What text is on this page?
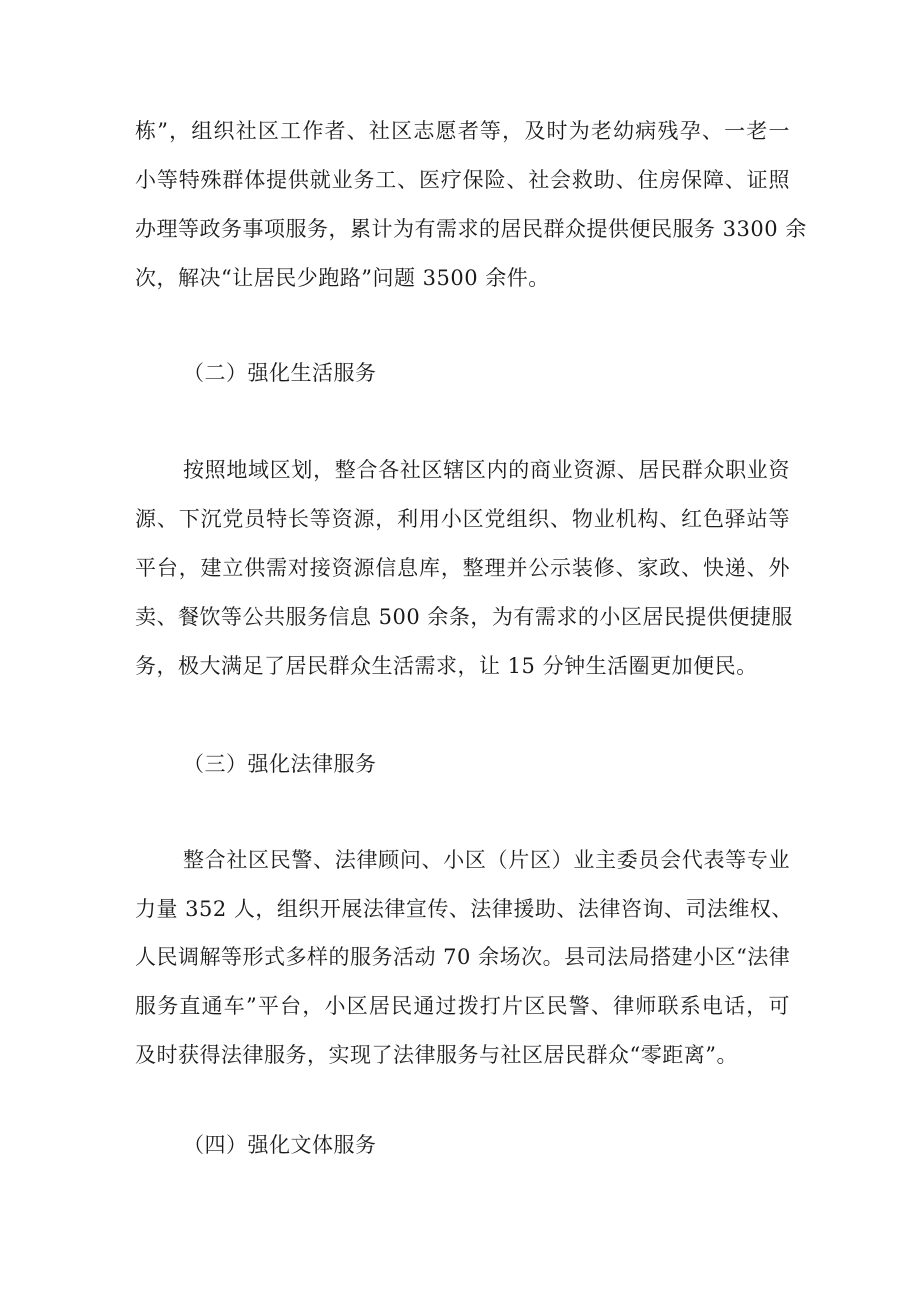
栋”，组织社区工作者、社区志愿者等，及时为老幼病残孕、一老一
小等特殊群体提供就业务工、医疗保险、社会救助、住房保障、证照
办理等政务事项服务，累计为有需求的居民群众提供便民服务 3300 余
次，解决“让居民少跑路”问题 3500 余件。
（二）强化生活服务
按照地域区划，整合各社区辖区内的商业资源、居民群众职业资
源、下沉党员特长等资源，利用小区党组织、物业机构、红色驿站等
平台，建立供需对接资源信息库，整理并公示装修、家政、快递、外
卖、餐饮等公共服务信息 500 余条，为有需求的小区居民提供便捷服
务，极大满足了居民群众生活需求，让 15 分钟生活圈更加便民。
（三）强化法律服务
整合社区民警、法律顾问、小区（片区）业主委员会代表等专业
力量 352 人，组织开展法律宣传、法律援助、法律咨询、司法维权、
人民调解等形式多样的服务活动 70 余场次。县司法局搭建小区“法律
服务直通车”平台，小区居民通过拨打片区民警、律师联系电话，可
及时获得法律服务，实现了法律服务与社区居民群众“零距离”。
（四）强化文体服务
